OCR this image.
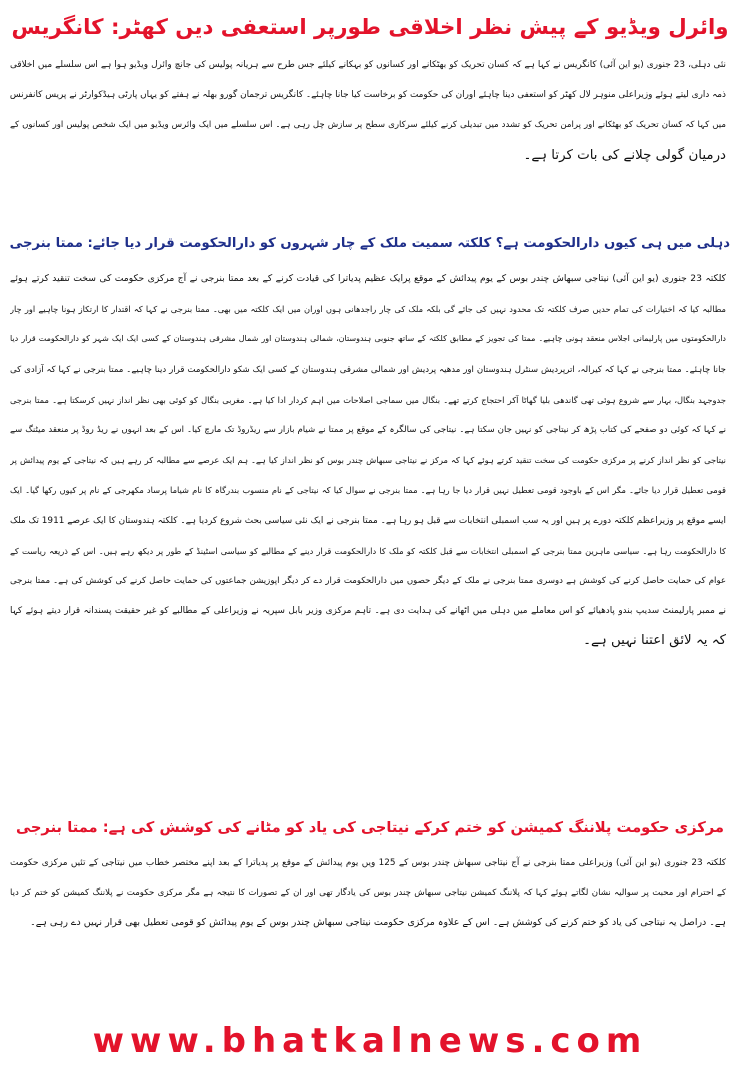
وائرل ویڈیو کے پیش نظر اخلاقی طورپر استعفی دیں کھٹر: کانگریس
نئی دہلی، 23 جنوری (یو این آئی) کانگریس نے کہا ہے کہ کسان تحریک کو بھٹکانے اور کسانوں کو بہکانے کیلئے جس طرح سے ہریانہ پولیس کی جانچ وائرل ویڈیو ہوا ہے اس سلسلے میں اخلاقی
ذمہ داری لیتے ہوئے وزیراعلی منوہر لال کھٹر کو استعفی دینا چاہئے اوران کی حکومت کو برخاست کیا جانا چاہئے۔ کانگریس ترجمان گورو بھلہ نے ہفتے کو یہاں پارٹی ہیڈکوارٹر نے پریس کانفرنس
میں کہا کہ کسان تحریک کو بھٹکانے اور پرامن تحریک کو تشدد میں تبدیلی کرنے کیلئے سرکاری سطح پر سازش چل رہی ہے۔ اس سلسلے میں ایک وائرس ویڈیو میں ایک شخص پولیس اور کسانوں کے
درمیان گولی چلانے کی بات کرتا ہے۔
دہلی میں ہی کیوں دارالحکومت ہے؟ کلکتہ سمیت ملک کے چار شہروں کو دارالحکومت قرار دیا جائے: ممتا بنرجی
کلکتہ 23 جنوری (یو این آئی) نیتاجی سبھاش چندر بوس کے یوم پیدائش کے موقع پرایک عظیم پدیاترا کی قیادت کرنے کے بعد ممتا بنرجی نے آج مرکزی حکومت کی سخت تنقید کرتے ہوئے
مطالبہ کیا کہ اختیارات کی تمام حدیں صرف کلکتہ تک محدود نہیں کی جائے گی بلکہ ملک کی چار راجدھانی ہوں اوران میں ایک کلکتہ میں بھی۔ ممتا بنرجی نے کہا کہ اقتدار کا ارتکاز ہونا چاہیے اور چار
دارالحکومتوں میں پارلیمانی اجلاس منعقد ہونی چاہیے۔ ممتا کی تجویز کے مطابق کلکتہ کے ساتھ جنوبی ہندوستان، شمالی ہندوستان اور شمال مشرقی ہندوستان کے کسی ایک ایک شہر کو دارالحکومت قرار دیا
جانا چاہئے۔ ممتا بنرجی نے کہا کہ کیرالہ، اترپردیش سنٹرل ہندوستان اور مدھیہ پردیش اور شمالی مشرقی ہندوستان کے کسی ایک شکو دارالحکومت قرار دینا چاہیے۔ ممتا بنرجی نے کہا کہ آزادی کی
جدوجہد بنگال، بہار سے شروع ہوئی تھی گاندھی بلیا گھاٹا آکر احتجاج کرتے تھے۔ بنگال میں سماجی اصلاحات میں اہم کردار ادا کیا ہے۔ مغربی بنگال کو کوئی بھی نظر انداز نہیں کرسکتا ہے۔ ممتا بنرجی
نے کہا کہ کوئی دو صفحے کی کتاب پڑھ کر نیتاجی کو نہیں جان سکتا ہے۔ نیتاجی کی سالگرہ کے موقع پر ممتا نے شیام بازار سے ریڈروڈ تک مارچ کیا۔ اس کے بعد انہوں نے ریڈ روڈ پر منعقد میٹنگ سے
نیتاجی کو نظر انداز کرنے پر مرکزی حکومت کی سخت تنقید کرتے ہوئے کہا کہ مرکز نے نیتاجی سبھاش چندر بوس کو نظر انداز کیا ہے۔ ہم ایک عرصے سے مطالبہ کر رہے ہیں کہ نیتاجی کے یوم پیدائش پر
قومی تعطیل قرار دیا جائے۔ مگر اس کے باوجود قومی تعطیل نہیں قرار دیا جا رہا ہے۔ ممتا بنرجی نے سوال کیا کہ نیتاجی کے نام منسوب بندرگاہ کا نام شیاما پرساد مکھرجی کے نام پر کیوں رکھا گیا۔ ایک
ایسے موقع پر وزیراعظم کلکتہ دورے پر ہیں اور یہ سب اسمبلی انتخابات سے قبل ہو رہا ہے۔ ممتا بنرجی نے ایک نئی سیاسی بحث شروع کردیا ہے۔ کلکتہ ہندوستان کا ایک عرصے 1911 تک ملک
کا دارالحکومت رہا ہے۔ سیاسی ماہرین ممتا بنرجی کے اسمبلی انتخابات سے قبل کلکتہ کو ملک کا دارالحکومت قرار دینے کے مطالبے کو سیاسی اسٹینڈ کے طور پر دیکھ رہے ہیں۔ اس کے ذریعہ ریاست کے
عوام کی حمایت حاصل کرنے کی کوشش ہے دوسری ممتا بنرجی نے ملک کے دیگر حصوں میں دارالحکومت قرار دے کر دیگر اپوزیشن جماعتوں کی حمایت حاصل کرنے کی کوشش کی ہے۔ ممتا بنرجی
نے ممبر پارلیمنٹ سدیپ بندو پادھیائے کو اس معاملے میں دہلی میں اٹھانے کی ہدایت دی ہے۔ تاہم مرکزی وزیر بابل سپریہ نے وزیراعلی کے مطالبے کو غیر حقیقت پسندانہ قرار دیتے ہوئے کہا
کہ یہ لائق اعتنا نہیں ہے۔
مرکزی حکومت پلاننگ کمیشن کو ختم کرکے نیتاجی کی یاد کو مٹانے کی کوشش کی ہے: ممتا بنرجی
کلکتہ 23 جنوری (یو این آئی) وزیراعلی ممتا بنرجی نے آج نیتاجی سبھاش چندر بوس کے 125 ویں یوم پیدائش کے موقع پر پدیاترا کے بعد اپنے مختصر خطاب میں نیتاجی کے تئیں مرکزی حکومت
کے احترام اور محبت پر سوالیہ نشان لگاتے ہوئے کہا کہ پلاننگ کمیشن نیتاجی سبھاش چندر بوس کی یادگار تھی اور ان کے تصورات کا نتیجہ ہے مگر مرکزی حکومت نے پلاننگ کمیشن کو ختم کر دیا
ہے۔ دراصل یہ نیتاجی کی یاد کو ختم کرنے کی کوشش ہے۔ اس کے علاوہ مرکزی حکومت نیتاجی سبھاش چندر بوس کے یوم پیدائش کو قومی تعطیل بھی قرار نہیں دے رہی ہے۔
www.bhatkalnews.com
